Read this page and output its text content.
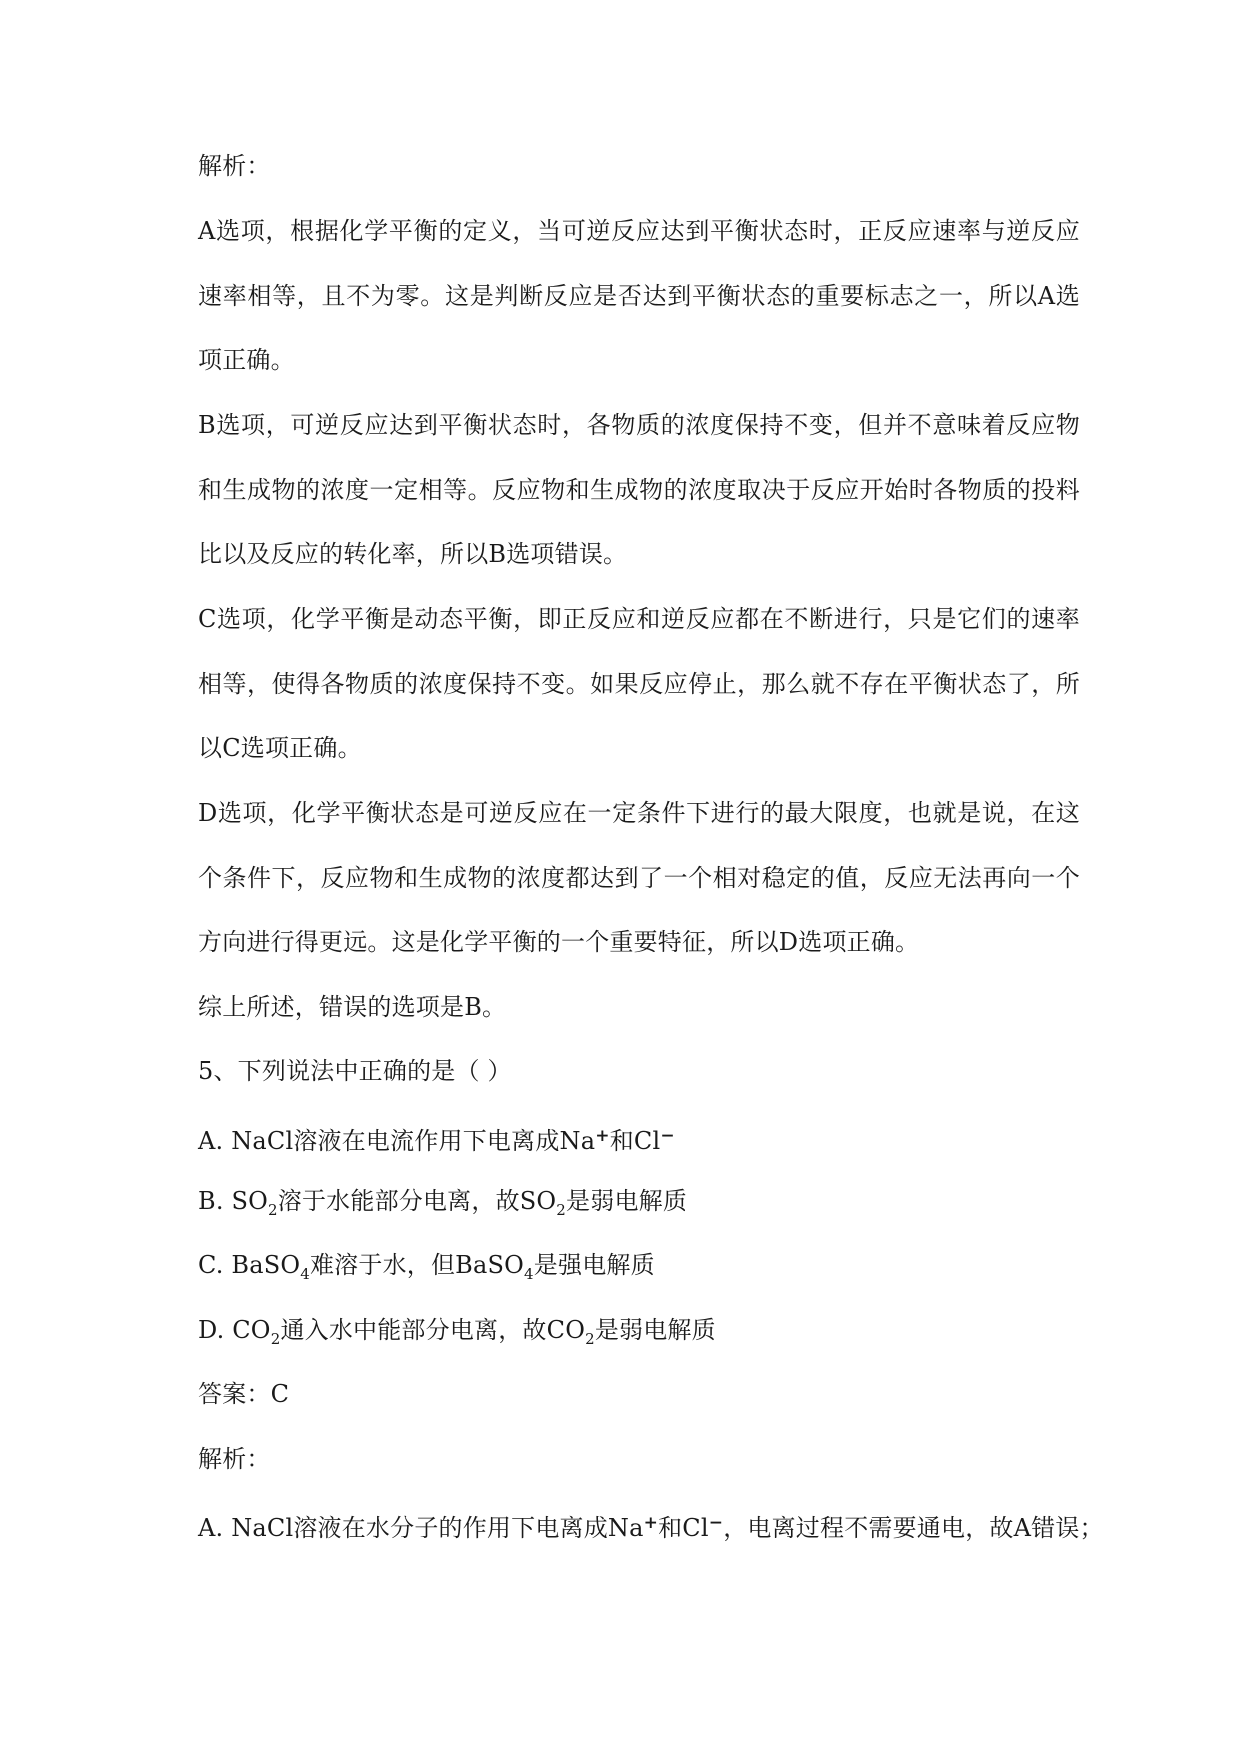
解析：
A选项，根据化学平衡的定义，当可逆反应达到平衡状态时，正反应速率与逆反应
速率相等，且不为零。这是判断反应是否达到平衡状态的重要标志之一，所以A选
项正确。
B选项，可逆反应达到平衡状态时，各物质的浓度保持不变，但并不意味着反应物
和生成物的浓度一定相等。反应物和生成物的浓度取决于反应开始时各物质的投料
比以及反应的转化率，所以B选项错误。
C选项，化学平衡是动态平衡，即正反应和逆反应都在不断进行，只是它们的速率
相等，使得各物质的浓度保持不变。如果反应停止，那么就不存在平衡状态了，所
以C选项正确。
D选项，化学平衡状态是可逆反应在一定条件下进行的最大限度，也就是说，在这
个条件下，反应物和生成物的浓度都达到了一个相对稳定的值，反应无法再向一个
方向进行得更远。这是化学平衡的一个重要特征，所以D选项正确。
综上所述，错误的选项是B。
5、下列说法中正确的是（ ）
A. NaCl溶液在电流作用下电离成Na+和Cl−
B. $SO_2$溶于水能部分电离，故$SO_2$是弱电解质
C. BaSO$_4$难溶于水，但BaSO$_4$是强电解质
D. $CO_2$通入水中能部分电离，故$CO_2$是弱电解质
答案：C
解析：
A. NaCl溶液在水分子的作用下电离成Na+和Cl−，电离过程不需要通电，故A错误；
